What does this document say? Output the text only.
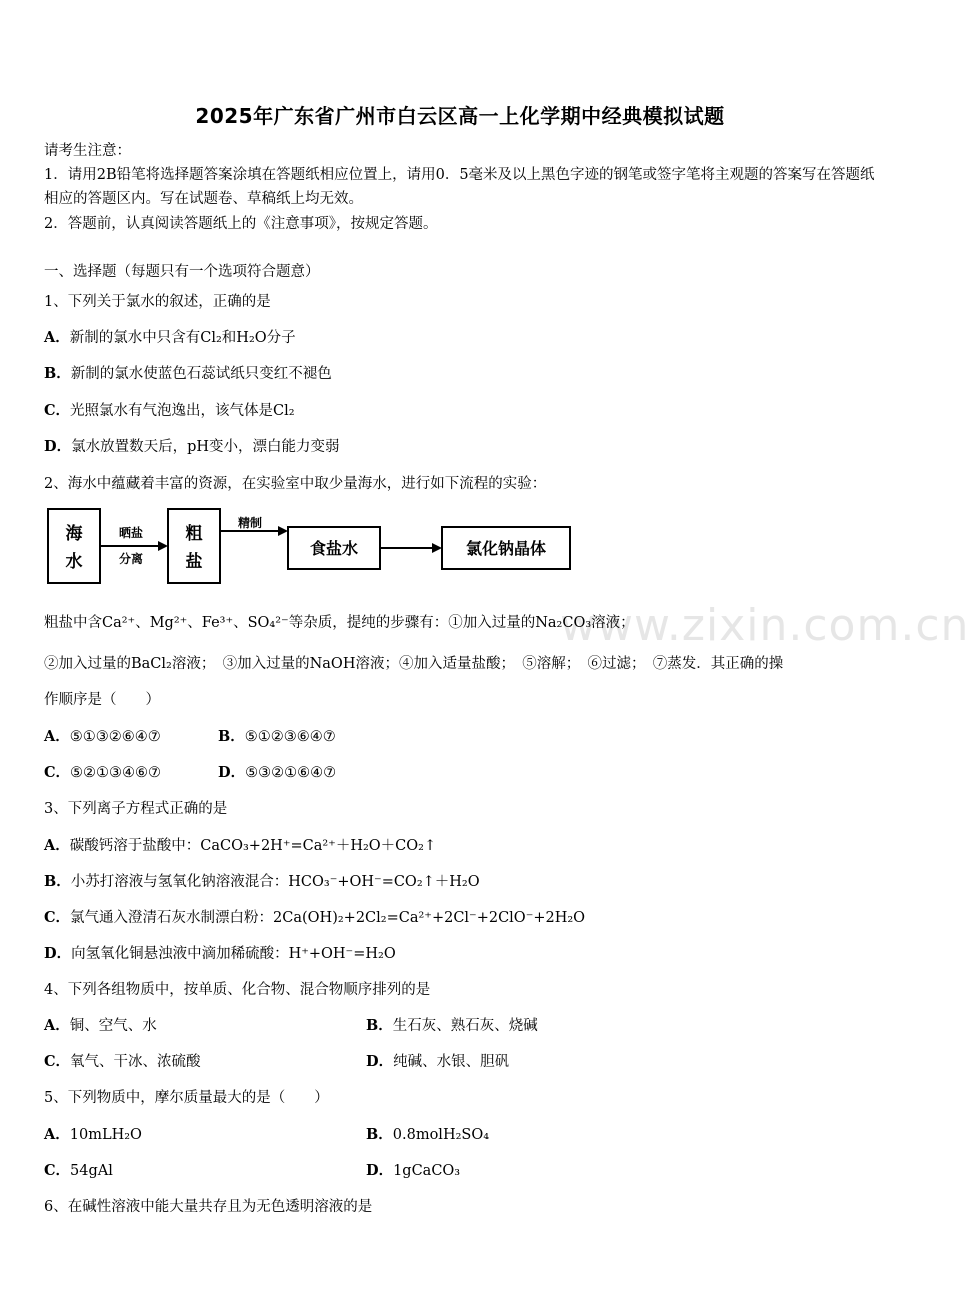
2025年广东省广州市白云区高一上化学期中经典模拟试题
请考生注意：
1．请用2B铅笔将选择题答案涂填在答题纸相应位置上，请用0．5毫米及以上黑色字迹的钢笔或签字笔将主观题的答案写在答题纸相应的答题区内。写在试题卷、草稿纸上均无效。
2．答题前，认真阅读答题纸上的《注意事项》，按规定答题。
一、选择题（每题只有一个选项符合题意）
1、下列关于氯水的叙述，正确的是
A．新制的氯水中只含有Cl₂和H₂O分子
B．新制的氯水使蓝色石蕊试纸只变红不褪色
C．光照氯水有气泡逸出，该气体是Cl₂
D．氯水放置数天后，pH变小，漂白能力变弱
2、海水中蕴藏着丰富的资源，在实验室中取少量海水，进行如下流程的实验：
海
水
粗
盐
晒盐
分离
精制
食盐水	氯化钠晶体
www.zixin.com.cn
粗盐中含Ca²⁺、Mg²⁺、Fe³⁺、SO₄²⁻等杂质，提纯的步骤有：①加入过量的Na₂CO₃溶液；
②加入过量的BaCl₂溶液；　③加入过量的NaOH溶液；④加入适量盐酸；　⑤溶解；　⑥过滤；　⑦蒸发．其正确的操
作顺序是（　　）
A．⑤①③②⑥④⑦	B．⑤①②③⑥④⑦
C．⑤②①③④⑥⑦	D．⑤③②①⑥④⑦
3、下列离子方程式正确的是
A．碳酸钙溶于盐酸中：CaCO₃+2H⁺=Ca²⁺＋H₂O＋CO₂↑
B．小苏打溶液与氢氧化钠溶液混合：HCO₃⁻+OH⁻=CO₂↑＋H₂O
C．氯气通入澄清石灰水制漂白粉：2Ca(OH)₂+2Cl₂=Ca²⁺+2Cl⁻+2ClO⁻+2H₂O
D．向氢氧化铜悬浊液中滴加稀硫酸：H⁺+OH⁻=H₂O
4、下列各组物质中，按单质、化合物、混合物顺序排列的是
A．铜、空气、水	B．生石灰、熟石灰、烧碱
C．氧气、干冰、浓硫酸	D．纯碱、水银、胆矾
5、下列物质中，摩尔质量最大的是（　　）
A．10mLH₂O	B．0.8molH₂SO₄
C．54gAl	D．1gCaCO₃
6、在碱性溶液中能大量共存且为无色透明溶液的是
